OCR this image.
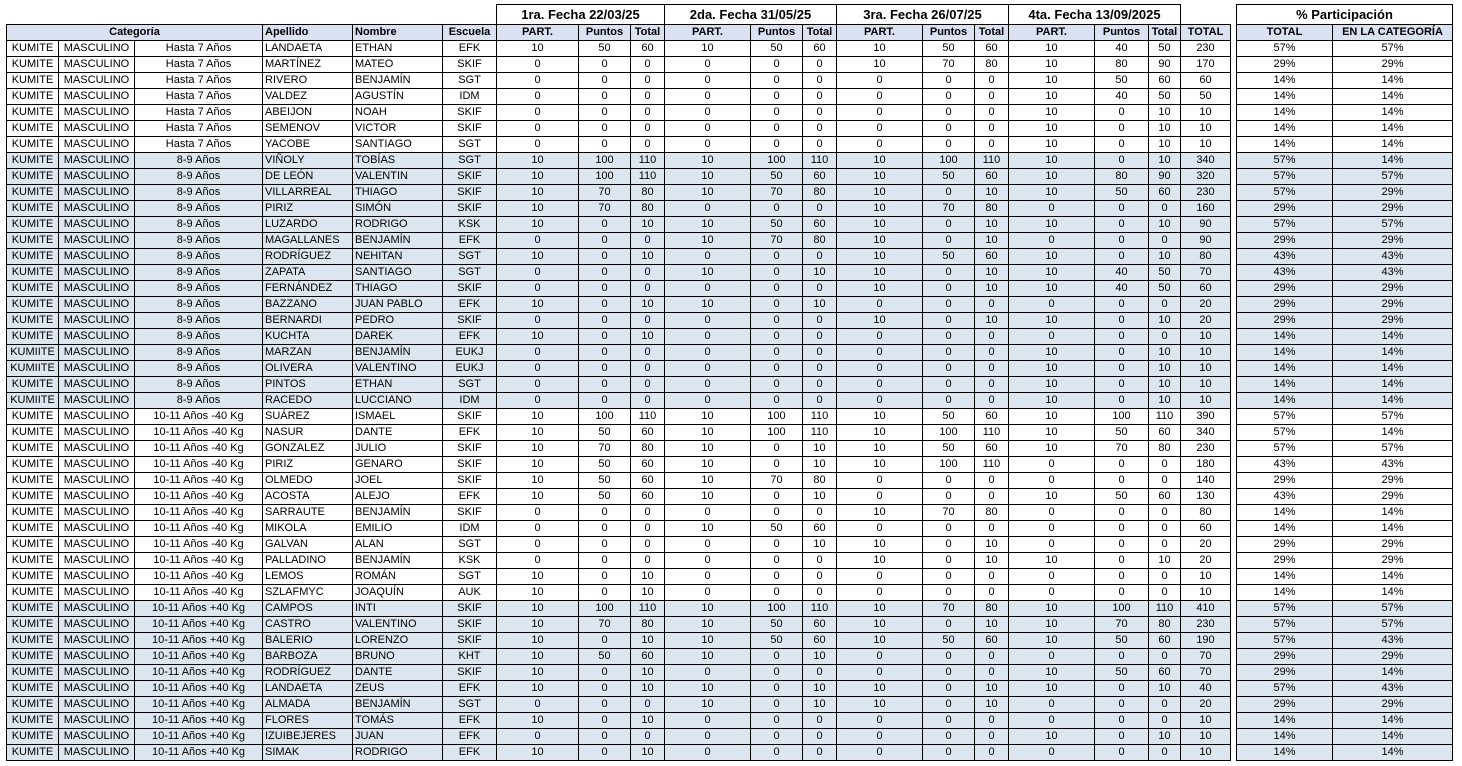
						1ra. Fecha 22/03/25			2da. Fecha 31/05/25			3ra. Fecha 26/07/25			4ta. Fecha 13/09/2025					% Participación	
Categoría			Apellido	Nombre	Escuela	PART.	Puntos	Total	PART.	Puntos	Total	PART.	Puntos	Total	PART.	Puntos	Total	TOTAL		TOTAL	EN LA CATEGORÍA
KUMITE	MASCULINO	Hasta 7 Años	LANDAETA	ETHAN	EFK	10	50	60	10	50	60	10	50	60	10	40	50	230		57%	57%
KUMITE	MASCULINO	Hasta 7 Años	MARTÍNEZ	MATEO	SKIF	0	0	0	0	0	0	10	70	80	10	80	90	170		29%	29%
KUMITE	MASCULINO	Hasta 7 Años	RIVERO	BENJAMÍN	SGT	0	0	0	0	0	0	0	0	0	10	50	60	60		14%	14%
KUMITE	MASCULINO	Hasta 7 Años	VALDEZ	AGUSTÍN	IDM	0	0	0	0	0	0	0	0	0	10	40	50	50		14%	14%
KUMITE	MASCULINO	Hasta 7 Años	ABEIJON	NOAH	SKIF	0	0	0	0	0	0	0	0	0	10	0	10	10		14%	14%
KUMITE	MASCULINO	Hasta 7 Años	SEMENOV	VICTOR	SKIF	0	0	0	0	0	0	0	0	0	10	0	10	10		14%	14%
KUMITE	MASCULINO	Hasta 7 Años	YACOBE	SANTIAGO	SGT	0	0	0	0	0	0	0	0	0	10	0	10	10		14%	14%
KUMITE	MASCULINO	8-9 Años	VIÑOLY	TOBÍAS	SGT	10	100	110	10	100	110	10	100	110	10	0	10	340		57%	14%
KUMITE	MASCULINO	8-9 Años	DE LEÓN	VALENTIN	SKIF	10	100	110	10	50	60	10	50	60	10	80	90	320		57%	57%
KUMITE	MASCULINO	8-9 Años	VILLARREAL	THIAGO	SKIF	10	70	80	10	70	80	10	0	10	10	50	60	230		57%	29%
KUMITE	MASCULINO	8-9 Años	PIRIZ	SIMÓN	SKIF	10	70	80	0	0	0	10	70	80	0	0	0	160		29%	29%
KUMITE	MASCULINO	8-9 Años	LUZARDO	RODRIGO	KSK	10	0	10	10	50	60	10	0	10	10	0	10	90		57%	57%
KUMITE	MASCULINO	8-9 Años	MAGALLANES	BENJAMÍN	EFK	0	0	0	10	70	80	10	0	10	0	0	0	90		29%	29%
KUMITE	MASCULINO	8-9 Años	RODRÍGUEZ	NEHITAN	SGT	10	0	10	0	0	0	10	50	60	10	0	10	80		43%	43%
KUMITE	MASCULINO	8-9 Años	ZAPATA	SANTIAGO	SGT	0	0	0	10	0	10	10	0	10	10	40	50	70		43%	43%
KUMITE	MASCULINO	8-9 Años	FERNÁNDEZ	THIAGO	SKIF	0	0	0	0	0	0	10	0	10	10	40	50	60		29%	29%
KUMITE	MASCULINO	8-9 Años	BAZZANO	JUAN PABLO	EFK	10	0	10	10	0	10	0	0	0	0	0	0	20		29%	29%
KUMITE	MASCULINO	8-9 Años	BERNARDI	PEDRO	SKIF	0	0	0	0	0	0	10	0	10	10	0	10	20		29%	29%
KUMITE	MASCULINO	8-9 Años	KUCHTA	DAREK	EFK	10	0	10	0	0	0	0	0	0	0	0	0	10		14%	14%
KUMIITE	MASCULINO	8-9 Años	MARZAN	BENJAMÍN	EUKJ	0	0	0	0	0	0	0	0	0	10	0	10	10		14%	14%
KUMIITE	MASCULINO	8-9 Años	OLIVERA	VALENTINO	EUKJ	0	0	0	0	0	0	0	0	0	10	0	10	10		14%	14%
KUMITE	MASCULINO	8-9 Años	PINTOS	ETHAN	SGT	0	0	0	0	0	0	0	0	0	10	0	10	10		14%	14%
KUMIITE	MASCULINO	8-9 Años	RACEDO	LUCCIANO	IDM	0	0	0	0	0	0	0	0	0	10	0	10	10		14%	14%
KUMITE	MASCULINO	10-11 Años -40 Kg	SUÁREZ	ISMAEL	SKIF	10	100	110	10	100	110	10	50	60	10	100	110	390		57%	57%
KUMITE	MASCULINO	10-11 Años -40 Kg	NASUR	DANTE	EFK	10	50	60	10	100	110	10	100	110	10	50	60	340		57%	14%
KUMITE	MASCULINO	10-11 Años -40 Kg	GONZALEZ	JULIO	SKIF	10	70	80	10	0	10	10	50	60	10	70	80	230		57%	57%
KUMITE	MASCULINO	10-11 Años -40 Kg	PIRIZ	GENARO	SKIF	10	50	60	10	0	10	10	100	110	0	0	0	180		43%	43%
KUMITE	MASCULINO	10-11 Años -40 Kg	OLMEDO	JOEL	SKIF	10	50	60	10	70	80	0	0	0	0	0	0	140		29%	29%
KUMITE	MASCULINO	10-11 Años -40 Kg	ACOSTA	ALEJO	EFK	10	50	60	10	0	10	0	0	0	10	50	60	130		43%	29%
KUMITE	MASCULINO	10-11 Años -40 Kg	SARRAUTE	BENJAMÍN	SKIF	0	0	0	0	0	0	10	70	80	0	0	0	80		14%	14%
KUMITE	MASCULINO	10-11 Años -40 Kg	MIKOLA	EMILIO	IDM	0	0	0	10	50	60	0	0	0	0	0	0	60		14%	14%
KUMITE	MASCULINO	10-11 Años -40 Kg	GALVAN	ALAN	SGT	0	0	0	0	0	10	10	0	10	0	0	0	20		29%	29%
KUMITE	MASCULINO	10-11 Años -40 Kg	PALLADINO	BENJAMÍN	KSK	0	0	0	0	0	0	10	0	10	10	0	10	20		29%	29%
KUMITE	MASCULINO	10-11 Años -40 Kg	LEMOS	ROMÁN	SGT	10	0	10	0	0	0	0	0	0	0	0	0	10		14%	14%
KUMITE	MASCULINO	10-11 Años -40 Kg	SZLAFMYC	JOAQUÍN	AUK	10	0	10	0	0	0	0	0	0	0	0	0	10		14%	14%
KUMITE	MASCULINO	10-11 Años +40 Kg	CAMPOS	INTI	SKIF	10	100	110	10	100	110	10	70	80	10	100	110	410		57%	57%
KUMITE	MASCULINO	10-11 Años +40 Kg	CASTRO	VALENTINO	SKIF	10	70	80	10	50	60	10	0	10	10	70	80	230		57%	57%
KUMITE	MASCULINO	10-11 Años +40 Kg	BALERIO	LORENZO	SKIF	10	0	10	10	50	60	10	50	60	10	50	60	190		57%	43%
KUMITE	MASCULINO	10-11 Años +40 Kg	BARBOZA	BRUNO	KHT	10	50	60	10	0	10	0	0	0	0	0	0	70		29%	29%
KUMITE	MASCULINO	10-11 Años +40 Kg	RODRÍGUEZ	DANTE	SKIF	10	0	10	0	0	0	0	0	0	10	50	60	70		29%	14%
KUMITE	MASCULINO	10-11 Años +40 Kg	LANDAETA	ZEUS	EFK	10	0	10	10	0	10	10	0	10	10	0	10	40		57%	43%
KUMITE	MASCULINO	10-11 Años +40 Kg	ALMADA	BENJAMÍN	SGT	0	0	0	10	0	10	10	0	10	0	0	0	20		29%	29%
KUMITE	MASCULINO	10-11 Años +40 Kg	FLORES	TOMÁS	EFK	10	0	10	0	0	0	0	0	0	0	0	0	10		14%	14%
KUMITE	MASCULINO	10-11 Años +40 Kg	IZUIBEJERES	JUAN	EFK	0	0	0	0	0	0	0	0	0	10	0	10	10		14%	14%
KUMITE	MASCULINO	10-11 Años +40 Kg	SIMAK	RODRIGO	EFK	10	0	10	0	0	0	0	0	0	0	0	0	10		14%	14%
